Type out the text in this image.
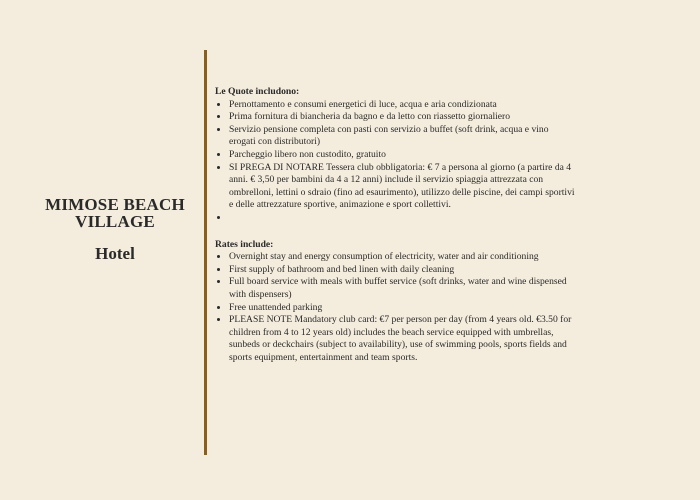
MIMOSE BEACH VILLAGE

Hotel

Le Quote includono:

• Pernottamento e consumi energetici di luce, acqua e aria condizionata
• Prima fornitura di biancheria da bagno e da letto con riassetto giornaliero
• Servizio pensione completa con pasti con servizio a buffet (soft drink, acqua e vino erogati con distributori)
• Parcheggio libero non custodito, gratuito
• SI PREGA DI NOTARE Tessera club obbligatoria: € 7 a persona al giorno (a partire da 4 anni. € 3,50 per bambini da 4 a 12 anni) include il servizio spiaggia attrezzata con ombrelloni, lettini o sdraio (fino ad esaurimento), utilizzo delle piscine, dei campi sportivi e delle attrezzature sportive, animazione e sport collettivi.
•

Rates include:

• Overnight stay and energy consumption of electricity, water and air conditioning
• First supply of bathroom and bed linen with daily cleaning
• Full board service with meals with buffet service (soft drinks, water and wine dispensed with dispensers)
• Free unattended parking
• PLEASE NOTE Mandatory club card: €7 per person per day (from 4 years old. €3.50 for children from 4 to 12 years old) includes the beach service equipped with umbrellas, sunbeds or deckchairs (subject to availability), use of swimming pools, sports fields and sports equipment, entertainment and team sports.
